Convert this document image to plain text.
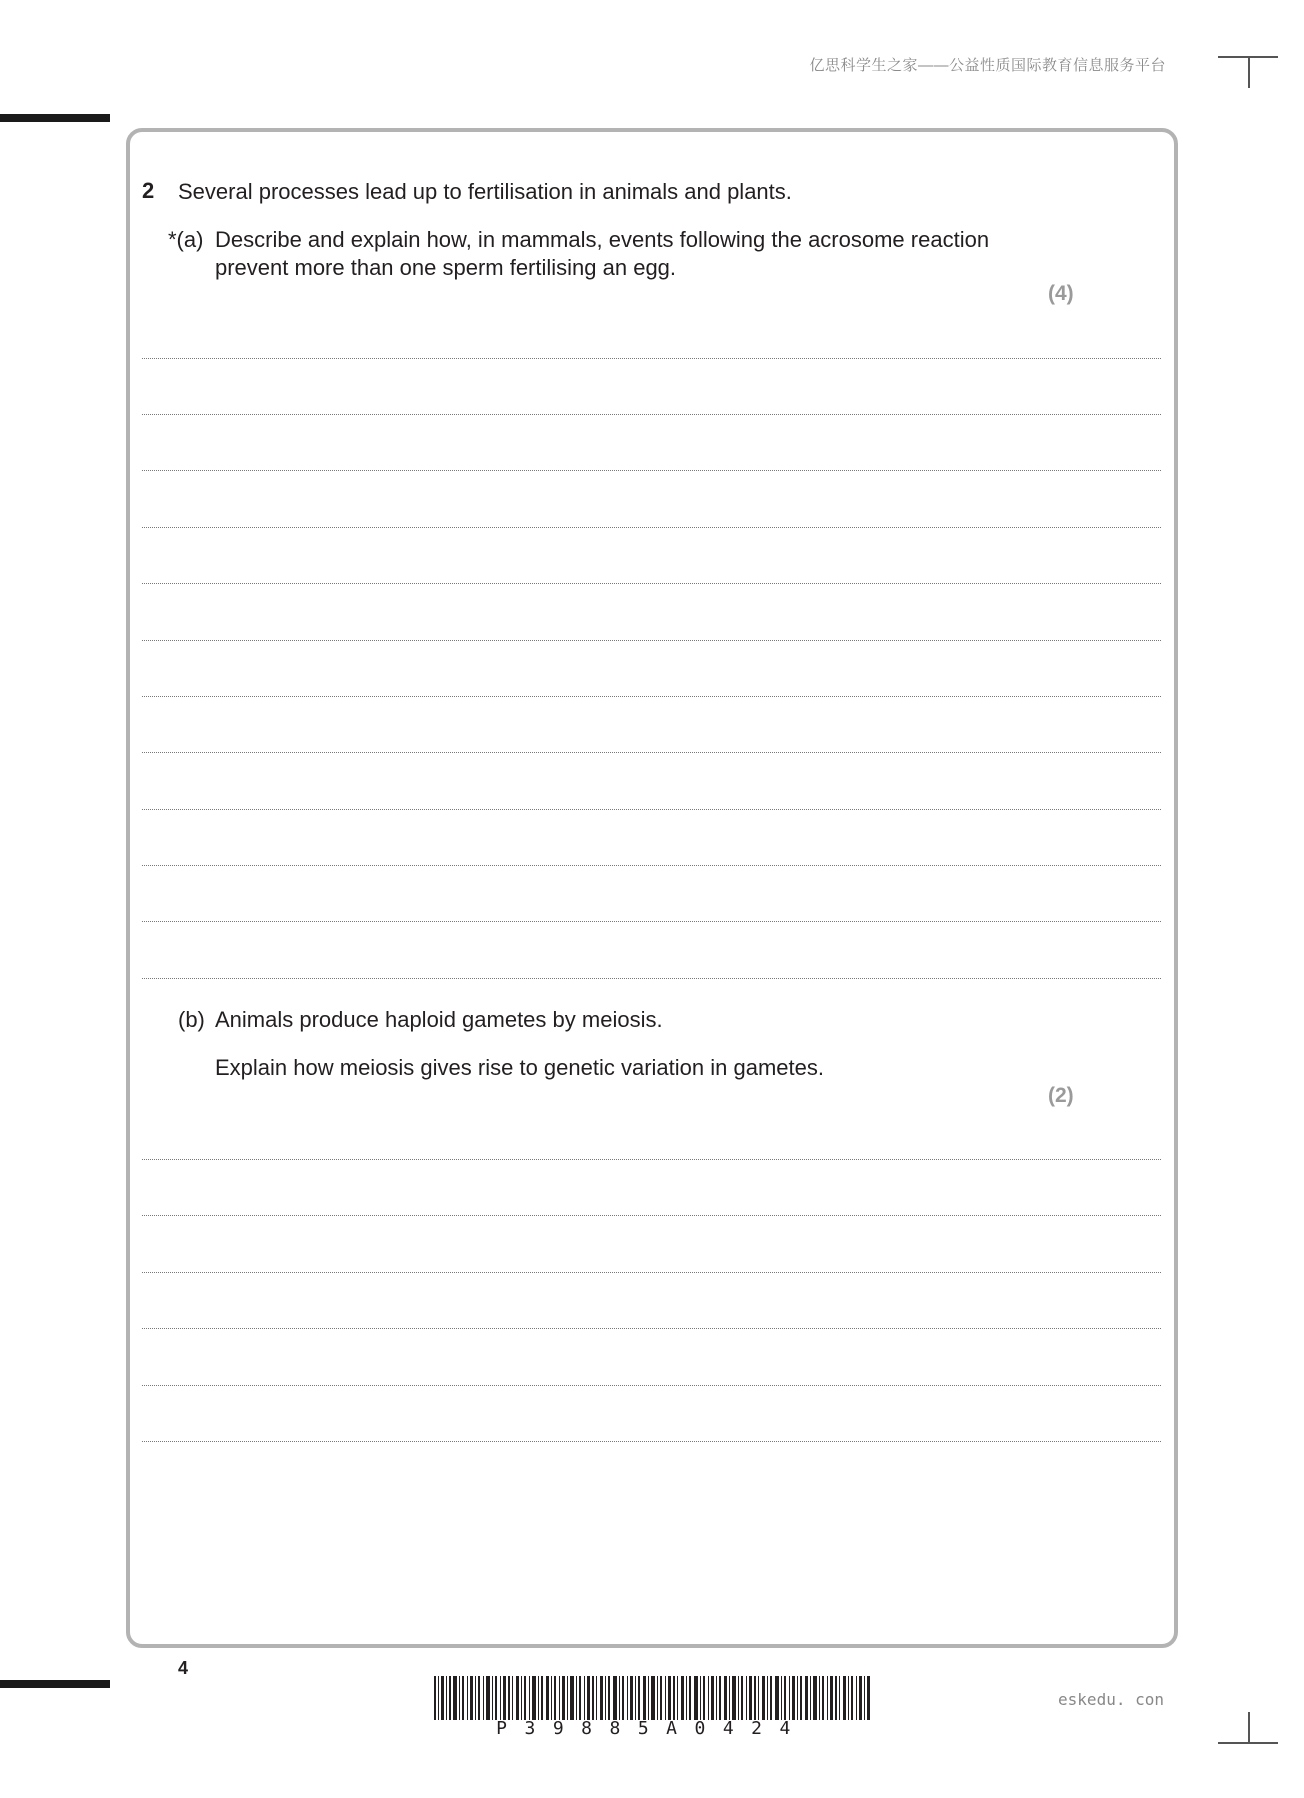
亿思科学生之家——公益性质国际教育信息服务平台
2 Several processes lead up to fertilisation in animals and plants.
*(a) Describe and explain how, in mammals, events following the acrosome reaction
prevent more than one sperm fertilising an egg.
(4)
(b) Animals produce haploid gametes by meiosis.
Explain how meiosis gives rise to genetic variation in gametes.
(2)
4
P39885A0424
eskedu. con
